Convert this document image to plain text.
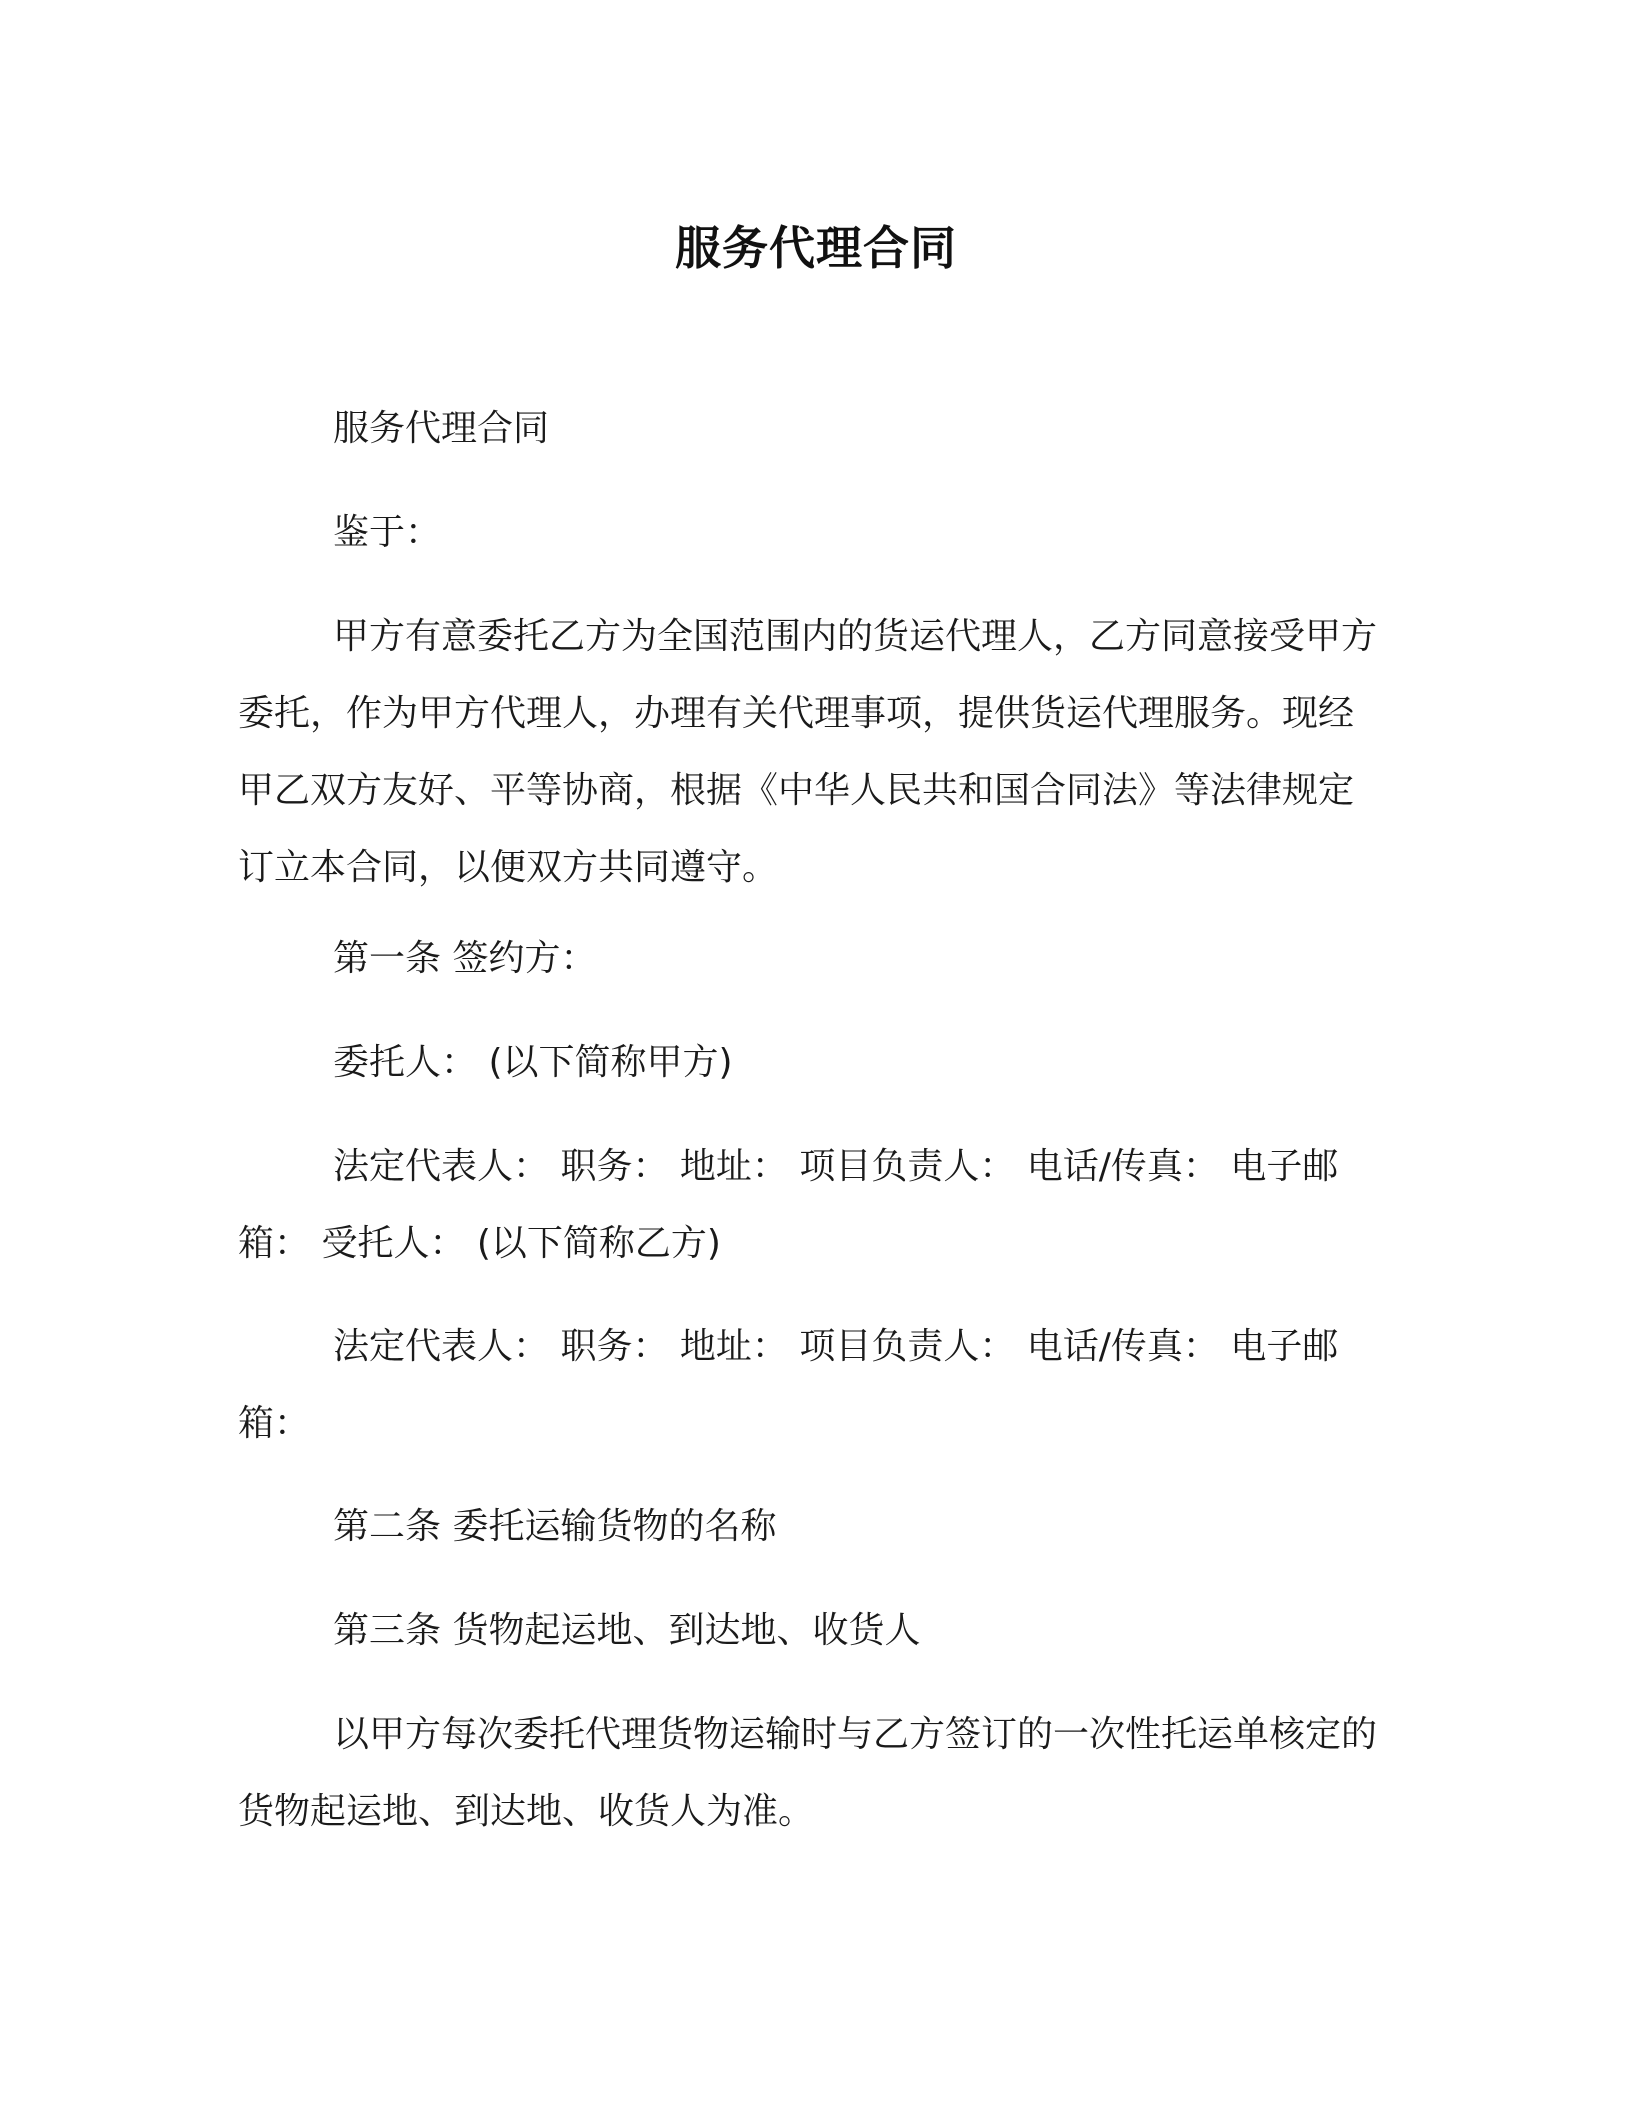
服务代理合同

服务代理合同

鉴于：

甲方有意委托乙方为全国范围内的货运代理人，乙方同意接受甲方委托，作为甲方代理人，办理有关代理事项，提供货运代理服务。现经甲乙双方友好、平等协商，根据《中华人民共和国合同法》等法律规定订立本合同，以便双方共同遵守。

第一条 签约方：

委托人： (以下简称甲方)

法定代表人： 职务： 地址： 项目负责人： 电话/传真： 电子邮箱： 受托人： (以下简称乙方)

法定代表人： 职务： 地址： 项目负责人： 电话/传真： 电子邮箱：

第二条 委托运输货物的名称

第三条 货物起运地、到达地、收货人

以甲方每次委托代理货物运输时与乙方签订的一次性托运单核定的货物起运地、到达地、收货人为准。
